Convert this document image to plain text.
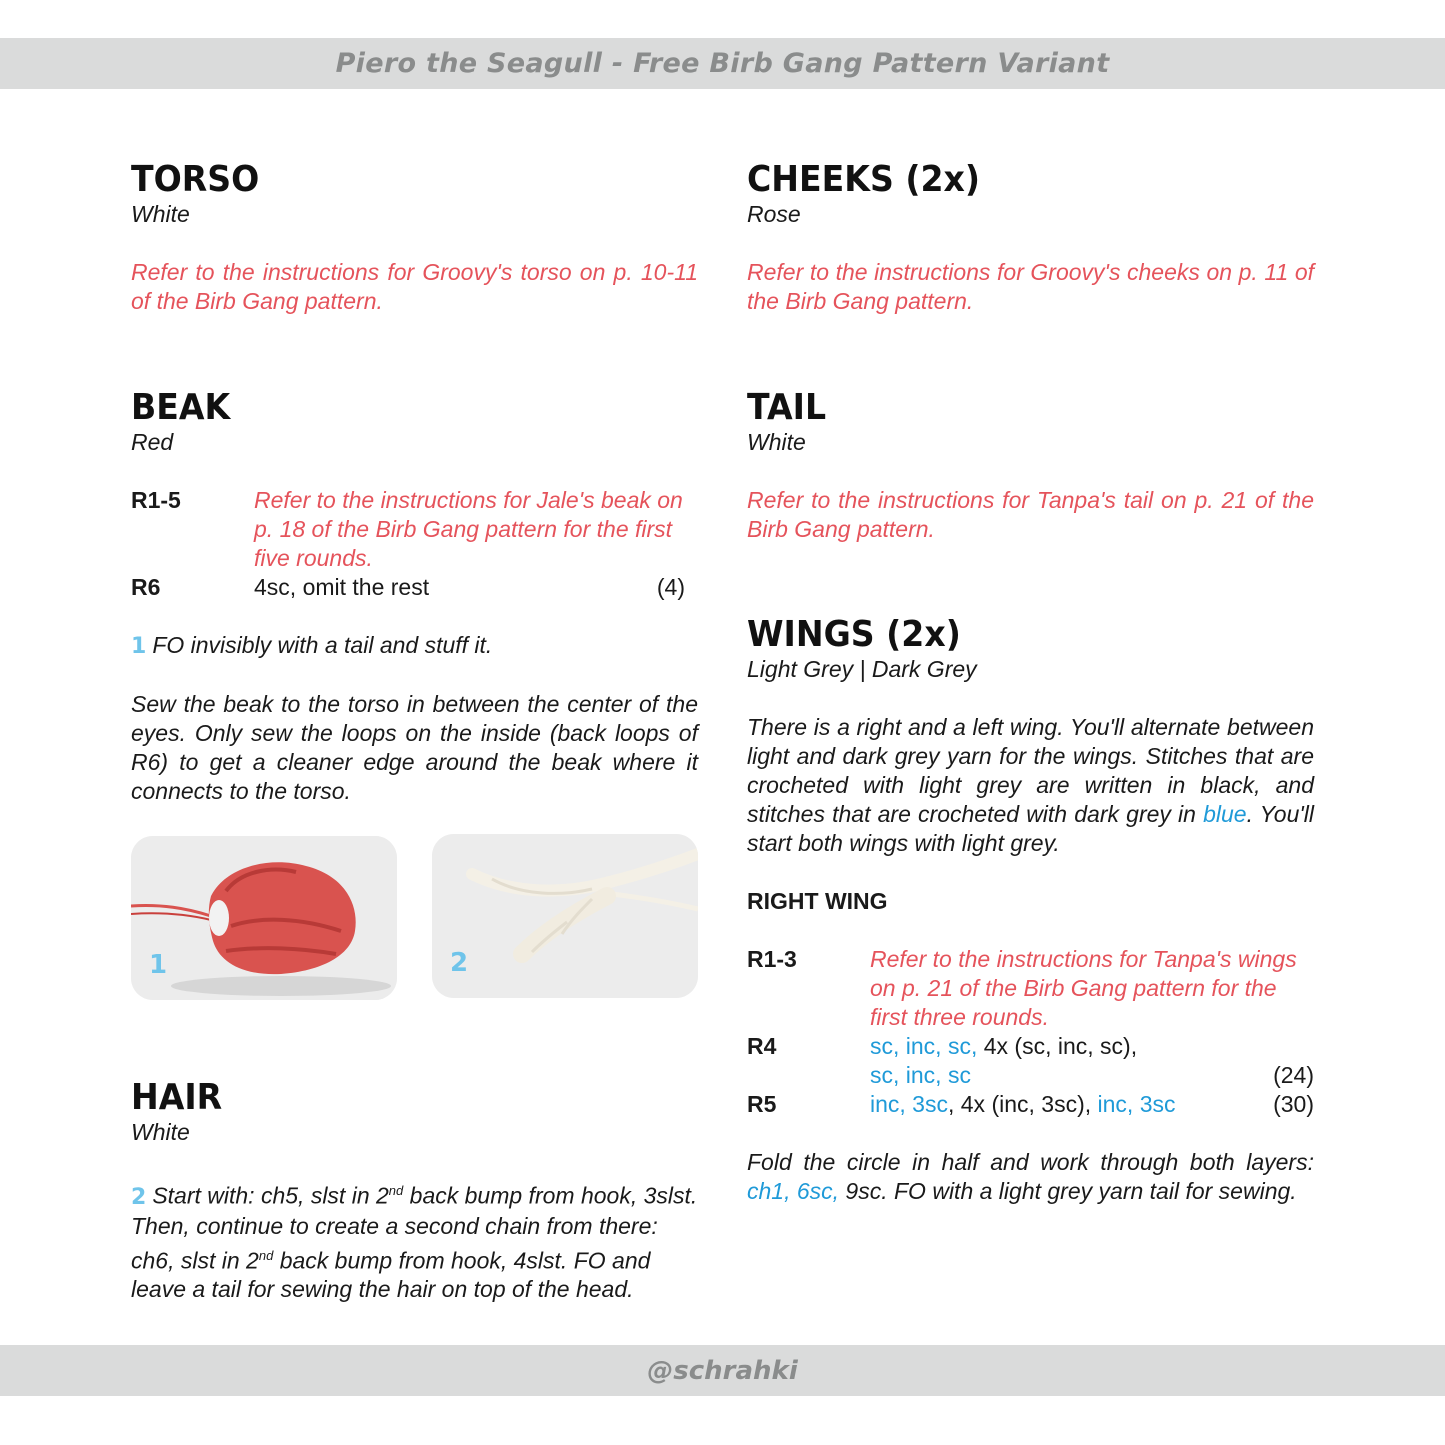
Piero the Seagull - Free Birb Gang Pattern Variant
TORSO
White
Refer to the instructions for Groovy's torso on p. 10-11 of the Birb Gang pattern.
BEAK
Red
R1-5	Refer to the instructions for Jale's beak on p. 18 of the Birb Gang pattern for the first five rounds.
R6	4sc, omit the rest	(4)
1 FO invisibly with a tail and stuff it.
Sew the beak to the torso in between the center of the eyes. Only sew the loops on the inside (back loops of R6) to get a cleaner edge around the beak where it connects to the torso.
1	2
HAIR
White
2 Start with: ch5, slst in 2nd back bump from hook, 3slst. Then, continue to create a second chain from there: ch6, slst in 2nd back bump from hook, 4slst. FO and leave a tail for sewing the hair on top of the head.
CHEEKS (2x)
Rose
Refer to the instructions for Groovy's cheeks on p. 11 of the Birb Gang pattern.
TAIL
White
Refer to the instructions for Tanpa's tail on p. 21 of the Birb Gang pattern.
WINGS (2x)
Light Grey | Dark Grey
There is a right and a left wing. You'll alternate between light and dark grey yarn for the wings. Stitches that are crocheted with light grey are written in black, and stitches that are crocheted with dark grey in blue. You'll start both wings with light grey.
RIGHT WING
R1-3	Refer to the instructions for Tanpa's wings on p. 21 of the Birb Gang pattern for the first three rounds.
R4	sc, inc, sc, 4x (sc, inc, sc),
sc, inc, sc	(24)
R5	inc, 3sc, 4x (inc, 3sc), inc, 3sc	(30)
Fold the circle in half and work through both layers: ch1, 6sc, 9sc. FO with a light grey yarn tail for sewing.
@schrahki
